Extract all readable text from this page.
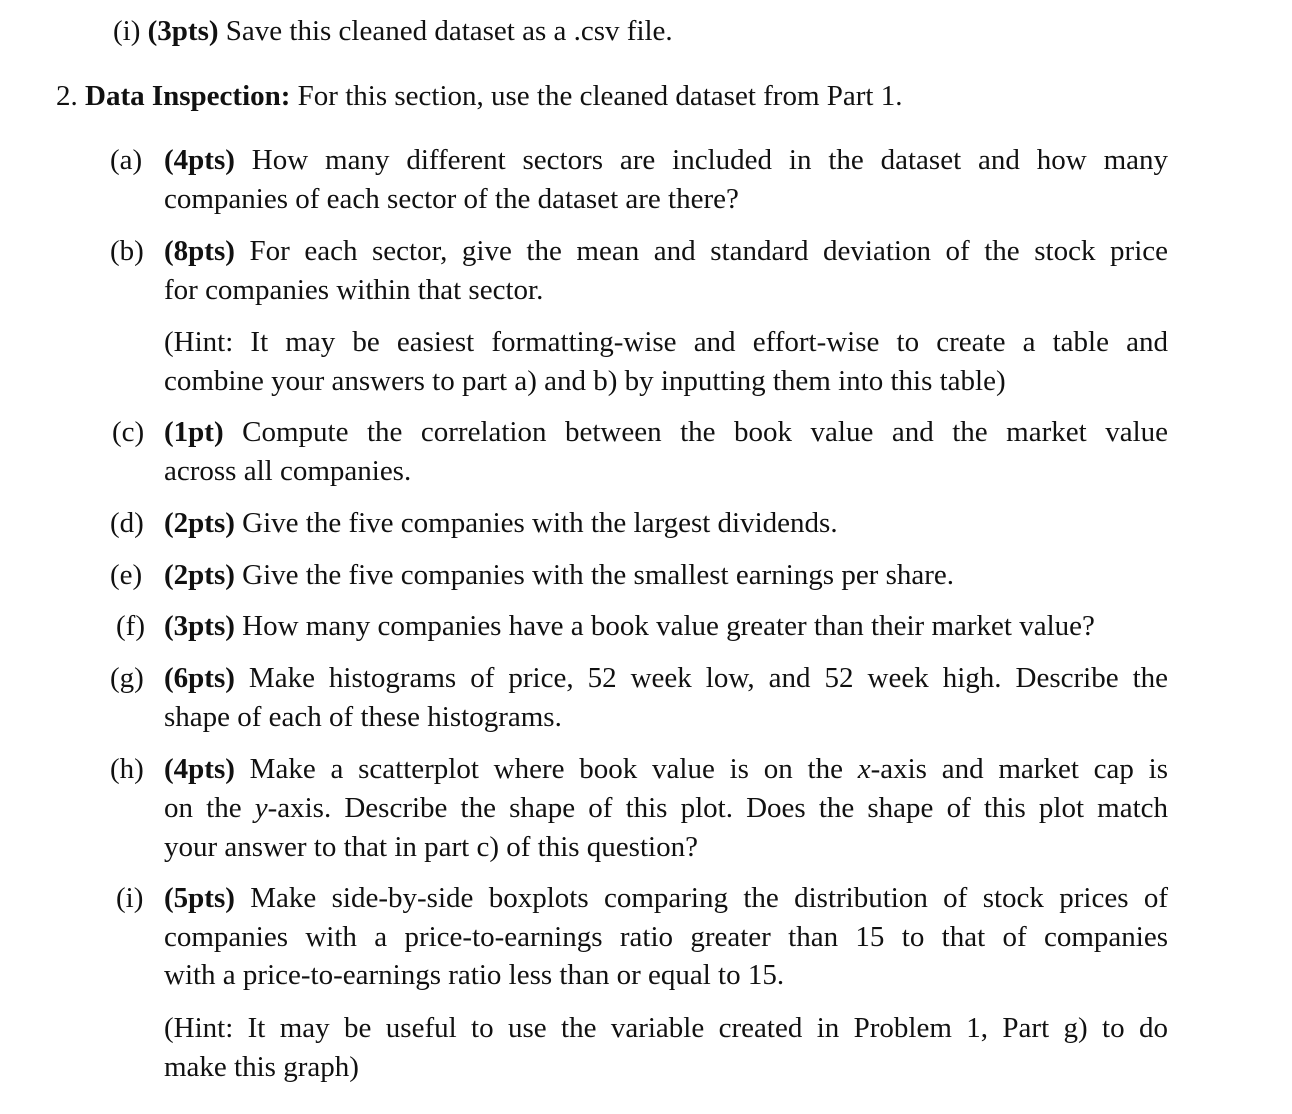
(i) (3pts) Save this cleaned dataset as a .csv file.
2. Data Inspection: For this section, use the cleaned dataset from Part 1.
(a) (4pts) How many different sectors are included in the dataset and how many
companies of each sector of the dataset are there?
(b) (8pts) For each sector, give the mean and standard deviation of the stock price
for companies within that sector.
(Hint: It may be easiest formatting-wise and effort-wise to create a table and
combine your answers to part a) and b) by inputting them into this table)
(c) (1pt) Compute the correlation between the book value and the market value
across all companies.
(d) (2pts) Give the five companies with the largest dividends.
(e) (2pts) Give the five companies with the smallest earnings per share.
(f) (3pts) How many companies have a book value greater than their market value?
(g) (6pts) Make histograms of price, 52 week low, and 52 week high. Describe the
shape of each of these histograms.
(h) (4pts) Make a scatterplot where book value is on the x-axis and market cap is
on the y-axis. Describe the shape of this plot. Does the shape of this plot match
your answer to that in part c) of this question?
(i) (5pts) Make side-by-side boxplots comparing the distribution of stock prices of
companies with a price-to-earnings ratio greater than 15 to that of companies
with a price-to-earnings ratio less than or equal to 15.
(Hint: It may be useful to use the variable created in Problem 1, Part g) to do
make this graph)
